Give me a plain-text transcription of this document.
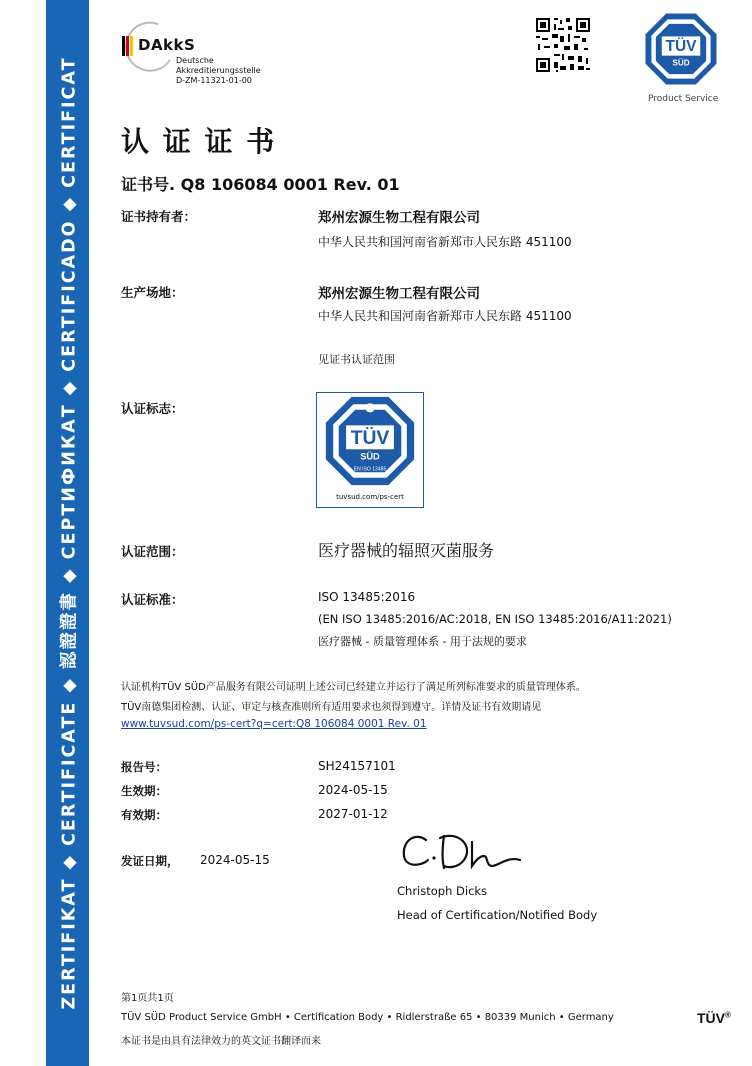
ZERTIFIKAT ◆ CERTIFICATE ◆ 認證證書 ◆ СЕРТИФИКАТ ◆ CERTIFICADO ◆ CERTIFICAT
DAkkS
Deutsche
Akkreditierungsstelle
D-ZM-11321-01-00
TÜV
SÜD
Product Service
认 证 证 书
证书号. Q8 106084 0001 Rev. 01
证书持有者：	郑州宏源生物工程有限公司
中华人民共和国河南省新郑市人民东路 451100
生产场地：	郑州宏源生物工程有限公司
中华人民共和国河南省新郑市人民东路 451100
见证书认证范围
认证标志：
TÜV
SÜD
EN ISO 13485
tuvsud.com/ps-cert
认证范围：	医疗器械的辐照灭菌服务
认证标准：	ISO 13485:2016
(EN ISO 13485:2016/AC:2018, EN ISO 13485:2016/A11:2021)
医疗器械 - 质量管理体系 - 用于法规的要求
认证机构TÜV SÜD产品服务有限公司证明上述公司已经建立并运行了满足所列标准要求的质量管理体系。
TÜV南德集团检测、认证、审定与核查准则所有适用要求也须得到遵守。详情及证书有效期请见
www.tuvsud.com/ps-cert?q=cert:Q8 106084 0001 Rev. 01
报告号：	SH24157101
生效期：	2024-05-15
有效期：	2027-01-12
发证日期， 2024-05-15
Christoph Dicks
Head of Certification/Notified Body
第1页共1页
TÜV SÜD Product Service GmbH • Certification Body • Ridlerstraße 65 • 80339 Munich • Germany
本证书是由具有法律效力的英文证书翻译而来
TÜV®
